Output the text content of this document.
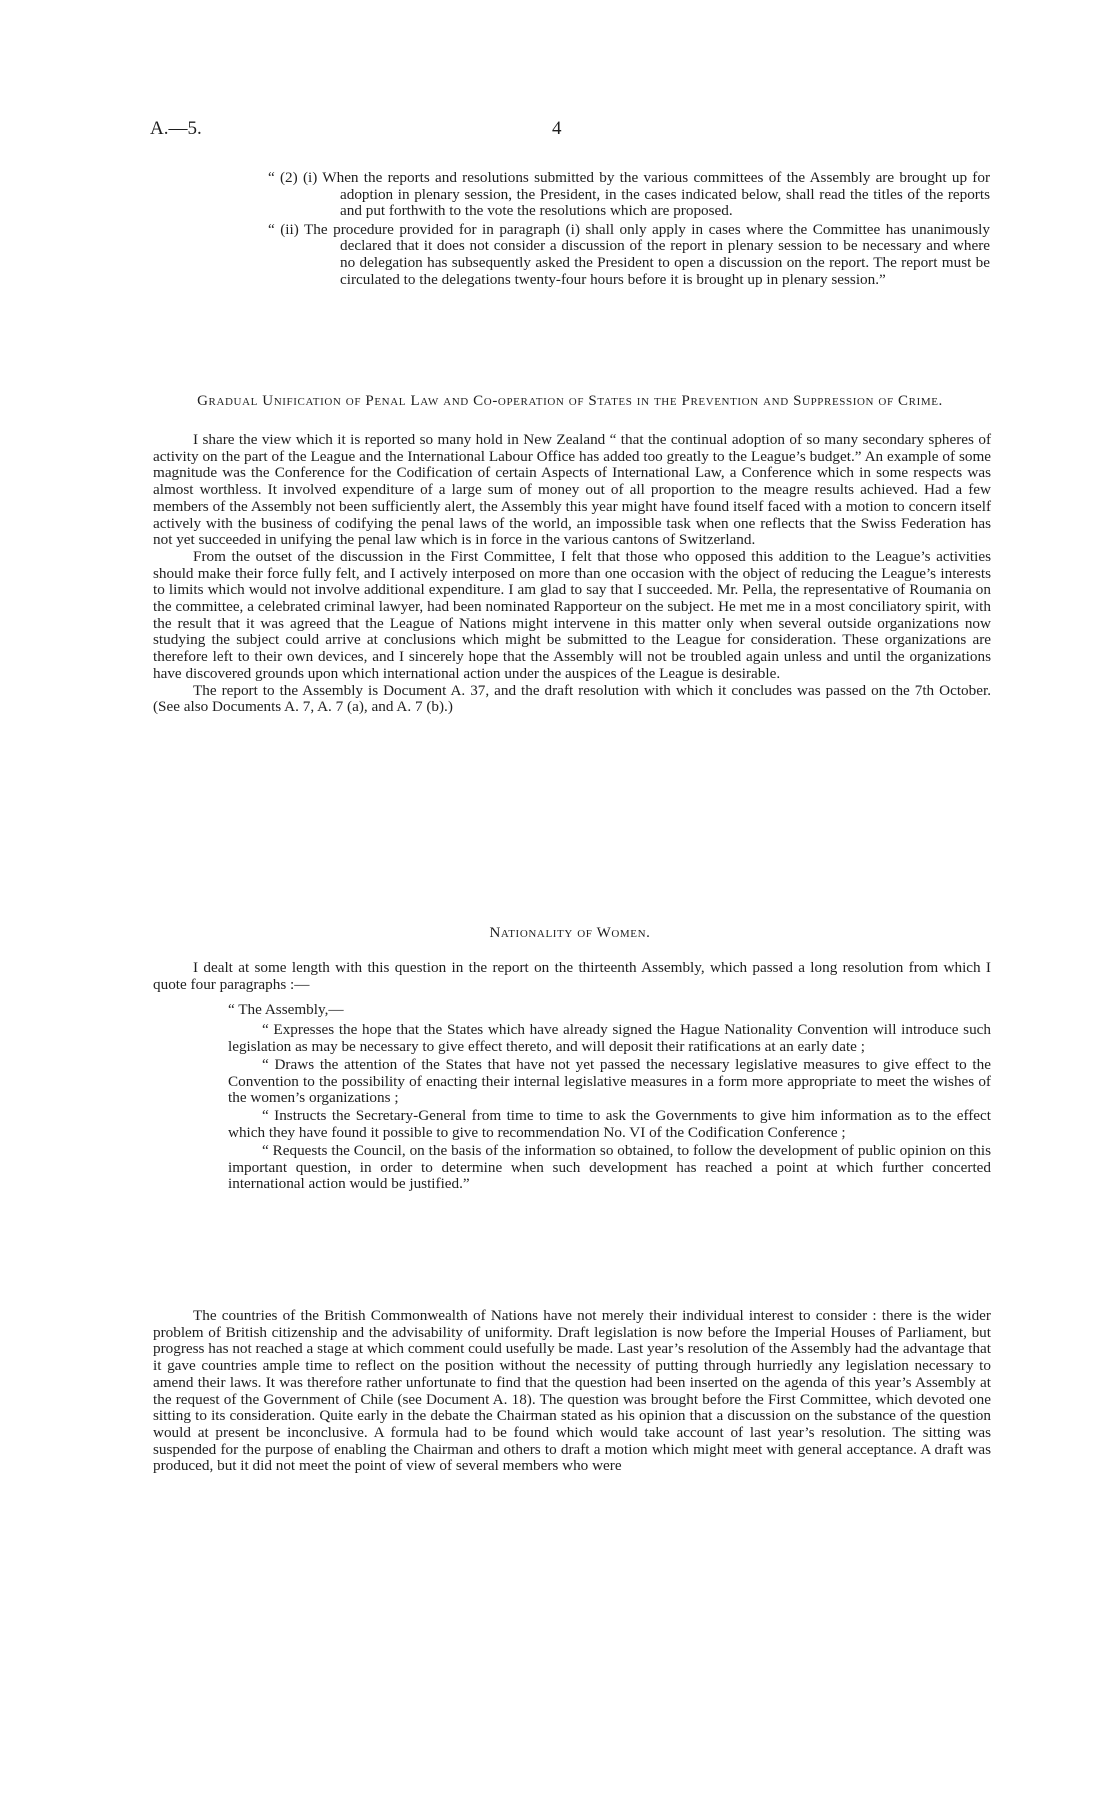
A.—5.	4

“ (2) (i) When the reports and resolutions submitted by the various committees of the Assembly are brought up for adoption in plenary session, the President, in the cases indicated below, shall read the titles of the reports and put forthwith to the vote the resolutions which are proposed.

“ (ii) The procedure provided for in paragraph (i) shall only apply in cases where the Committee has unanimously declared that it does not consider a discussion of the report in plenary session to be necessary and where no delegation has subsequently asked the President to open a discussion on the report. The report must be circulated to the delegations twenty-four hours before it is brought up in plenary session.”

Gradual Unification of Penal Law and Co-operation of States in the Prevention and Suppression of Crime.

I share the view which it is reported so many hold in New Zealand “ that the continual adoption of so many secondary spheres of activity on the part of the League and the International Labour Office has added too greatly to the League’s budget.” An example of some magnitude was the Conference for the Codification of certain Aspects of International Law, a Conference which in some respects was almost worthless. It involved expenditure of a large sum of money out of all proportion to the meagre results achieved. Had a few members of the Assembly not been sufficiently alert, the Assembly this year might have found itself faced with a motion to concern itself actively with the business of codifying the penal laws of the world, an impossible task when one reflects that the Swiss Federation has not yet succeeded in unifying the penal law which is in force in the various cantons of Switzerland.

From the outset of the discussion in the First Committee, I felt that those who opposed this addition to the League’s activities should make their force fully felt, and I actively interposed on more than one occasion with the object of reducing the League’s interests to limits which would not involve additional expenditure. I am glad to say that I succeeded. Mr. Pella, the representative of Roumania on the committee, a celebrated criminal lawyer, had been nominated Rapporteur on the subject. He met me in a most conciliatory spirit, with the result that it was agreed that the League of Nations might intervene in this matter only when several outside organizations now studying the subject could arrive at conclusions which might be submitted to the League for consideration. These organizations are therefore left to their own devices, and I sincerely hope that the Assembly will not be troubled again unless and until the organizations have discovered grounds upon which international action under the auspices of the League is desirable.

The report to the Assembly is Document A. 37, and the draft resolution with which it concludes was passed on the 7th October. (See also Documents A. 7, A. 7 (a), and A. 7 (b).)

Nationality of Women.

I dealt at some length with this question in the report on the thirteenth Assembly, which passed a long resolution from which I quote four paragraphs :—

“ The Assembly,—

“ Expresses the hope that the States which have already signed the Hague Nationality Convention will introduce such legislation as may be necessary to give effect thereto, and will deposit their ratifications at an early date ;

“ Draws the attention of the States that have not yet passed the necessary legislative measures to give effect to the Convention to the possibility of enacting their internal legislative measures in a form more appropriate to meet the wishes of the women’s organizations ;

“ Instructs the Secretary-General from time to time to ask the Governments to give him information as to the effect which they have found it possible to give to recommendation No. VI of the Codification Conference ;

“ Requests the Council, on the basis of the information so obtained, to follow the development of public opinion on this important question, in order to determine when such development has reached a point at which further concerted international action would be justified.”

The countries of the British Commonwealth of Nations have not merely their individual interest to consider : there is the wider problem of British citizenship and the advisability of uniformity. Draft legislation is now before the Imperial Houses of Parliament, but progress has not reached a stage at which comment could usefully be made. Last year’s resolution of the Assembly had the advantage that it gave countries ample time to reflect on the position without the necessity of putting through hurriedly any legislation necessary to amend their laws. It was therefore rather unfortunate to find that the question had been inserted on the agenda of this year’s Assembly at the request of the Government of Chile (see Document A. 18). The question was brought before the First Committee, which devoted one sitting to its consideration. Quite early in the debate the Chairman stated as his opinion that a discussion on the substance of the question would at present be inconclusive. A formula had to be found which would take account of last year’s resolution. The sitting was suspended for the purpose of enabling the Chairman and others to draft a motion which might meet with general acceptance. A draft was produced, but it did not meet the point of view of several members who were
